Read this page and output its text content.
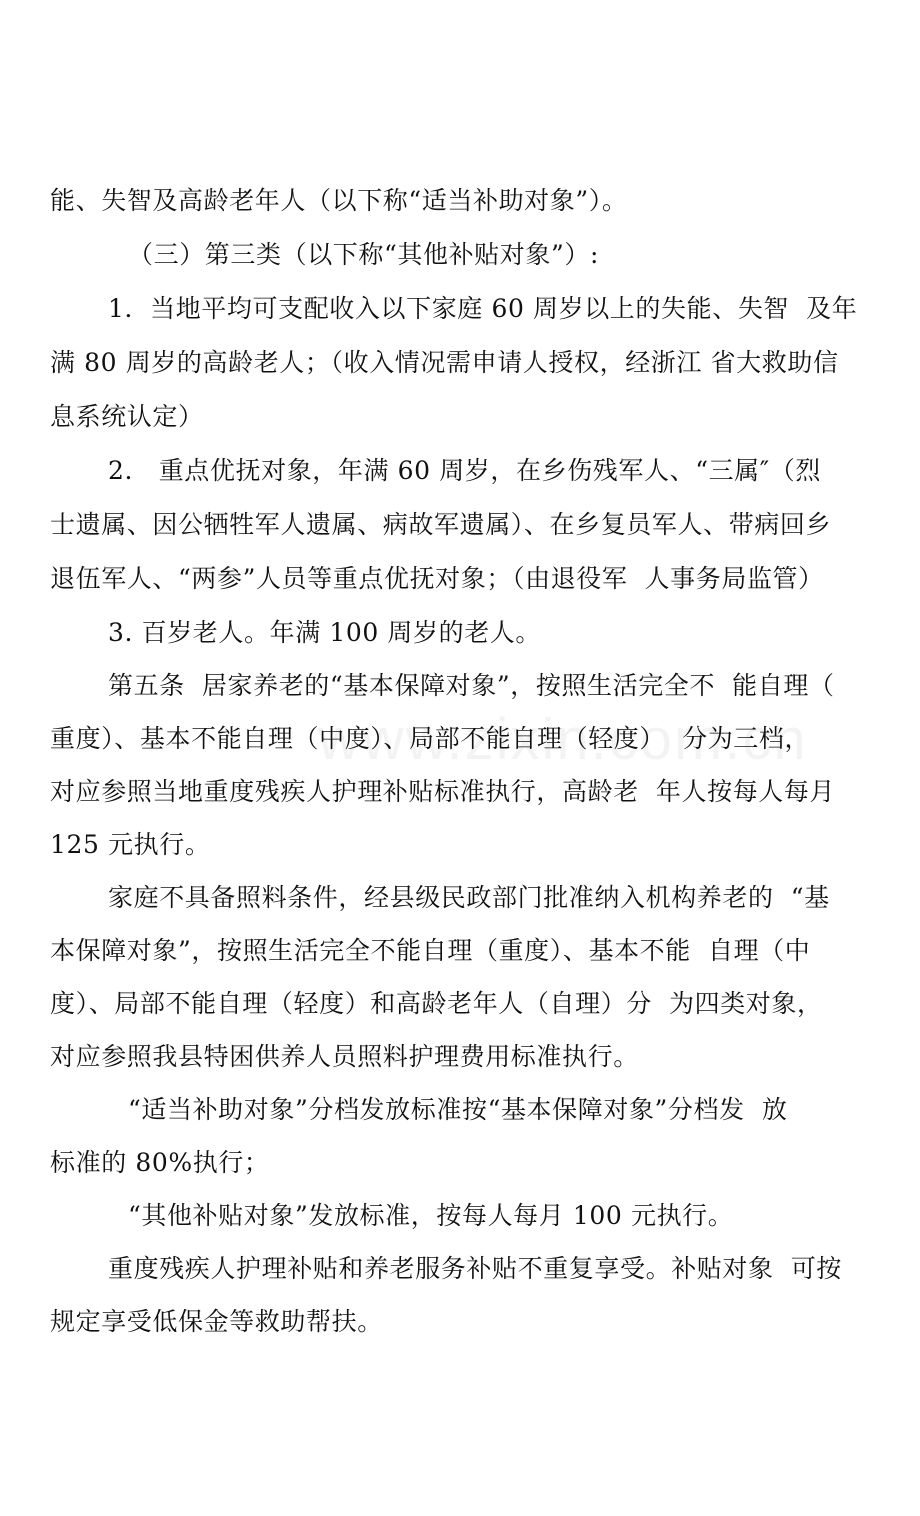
能、失智及高龄老年人（以下称“适当补助对象”）。
（三）第三类（以下称“其他补贴对象”）:
1．当地平均可支配收入以下家庭 60 周岁以上的失能、失智  及年
满 80 周岁的高龄老人；（收入情况需申请人授权，经浙江 省大救助信
息系统认定）
2.   重点优抚对象，年满 60 周岁，在乡伤残军人、“三属″（烈
士遗属、因公牺牲军人遗属、病故军遗属）、在乡复员军人、带病回乡
退伍军人、“两参”人员等重点优抚对象；（由退役军  人事务局监管）
3. 百岁老人。年满 100 周岁的老人。
第五条  居家养老的“基本保障对象”，按照生活完全不  能自理（
重度）、基本不能自理（中度）、局部不能自理（轻度）  分为三档，
对应参照当地重度残疾人护理补贴标准执行，高龄老  年人按每人每月
125 元执行。
家庭不具备照料条件，经县级民政部门批准纳入机构养老的  “基
本保障对象”，按照生活完全不能自理（重度）、基本不能  自理（中
度）、局部不能自理（轻度）和高龄老年人（自理）分  为四类对象，
对应参照我县特困供养人员照料护理费用标准执行。
“适当补助对象”分档发放标准按“基本保障对象”分档发  放
标准的 80%执行；
“其他补贴对象”发放标准，按每人每月 100 元执行。
重度残疾人护理补贴和养老服务补贴不重复享受。补贴对象  可按
规定享受低保金等救助帮扶。
